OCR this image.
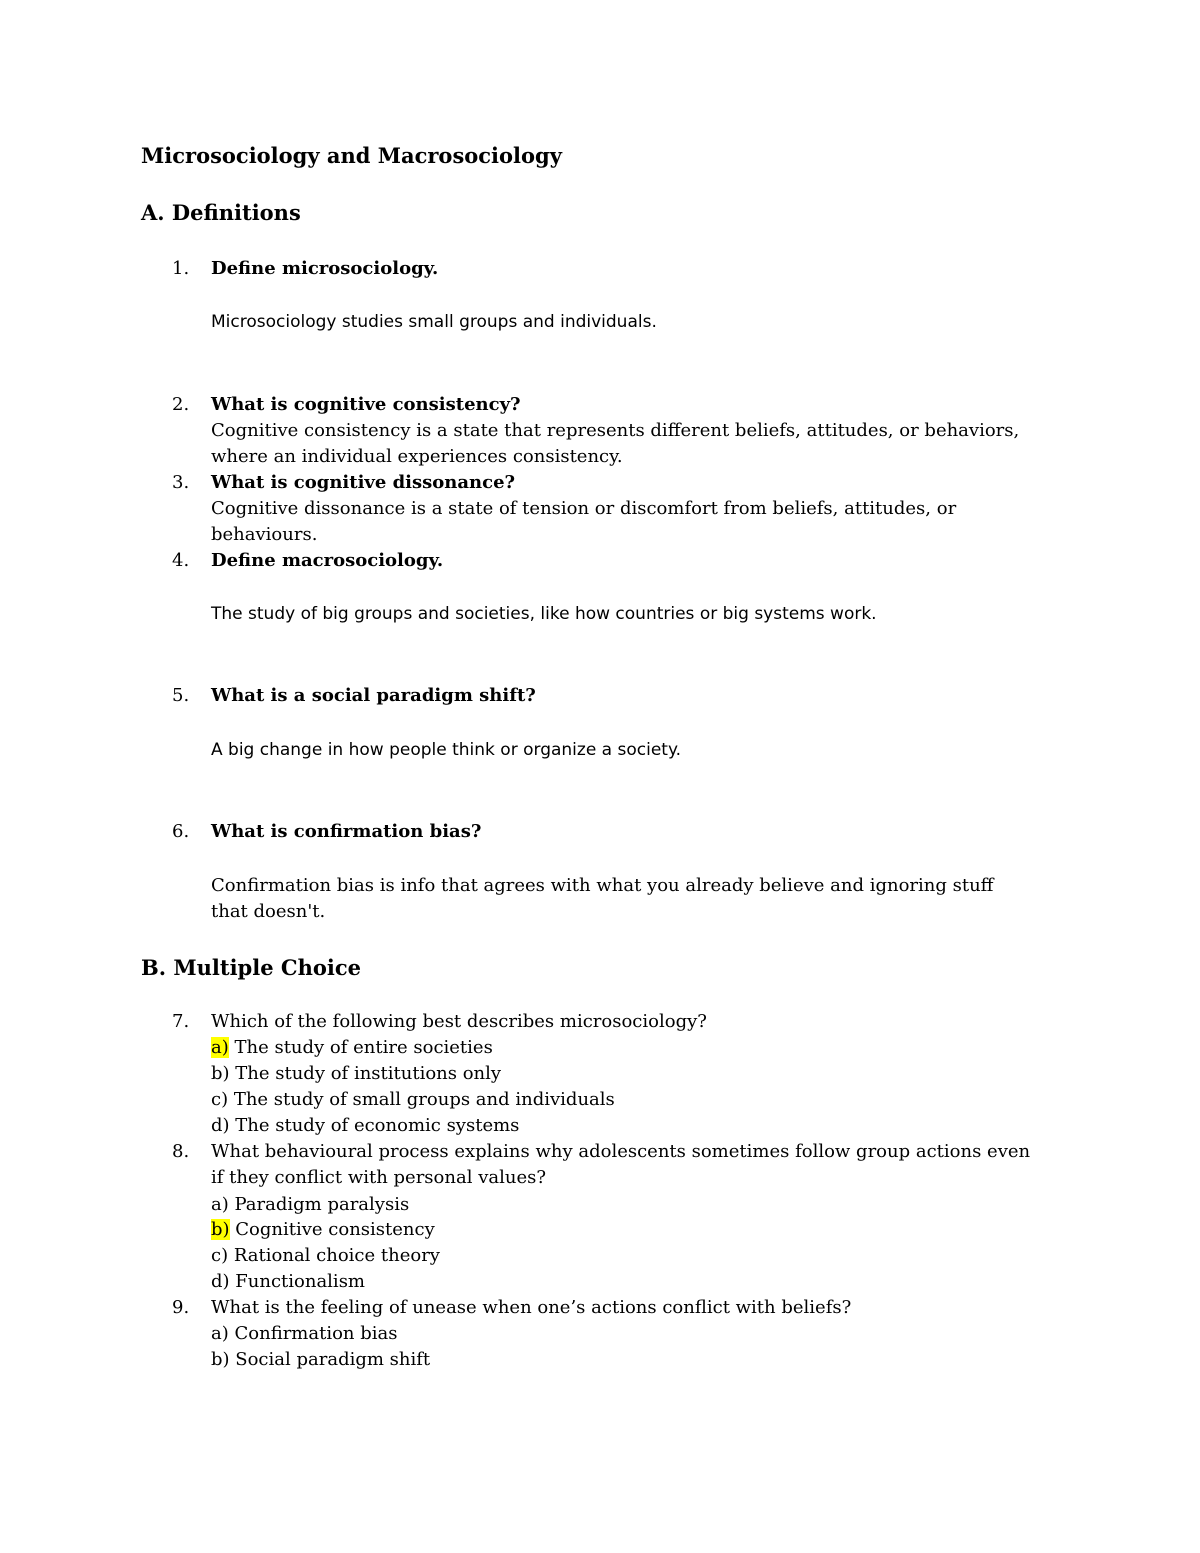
Microsociology and Macrosociology
A. Definitions
1. Define microsociology.
Microsociology studies small groups and individuals.
2. What is cognitive consistency?
Cognitive consistency is a state that represents different beliefs, attitudes, or behaviors,
where an individual experiences consistency.
3. What is cognitive dissonance?
Cognitive dissonance is a state of tension or discomfort from beliefs, attitudes, or
behaviours.
4. Define macrosociology.
The study of big groups and societies, like how countries or big systems work.
5. What is a social paradigm shift?
A big change in how people think or organize a society.
6. What is confirmation bias?
Confirmation bias is info that agrees with what you already believe and ignoring stuff
that doesn't.
B. Multiple Choice
7. Which of the following best describes microsociology?
a) The study of entire societies
b) The study of institutions only
c) The study of small groups and individuals
d) The study of economic systems
8. What behavioural process explains why adolescents sometimes follow group actions even
if they conflict with personal values?
a) Paradigm paralysis
b) Cognitive consistency
c) Rational choice theory
d) Functionalism
9. What is the feeling of unease when one’s actions conflict with beliefs?
a) Confirmation bias
b) Social paradigm shift
